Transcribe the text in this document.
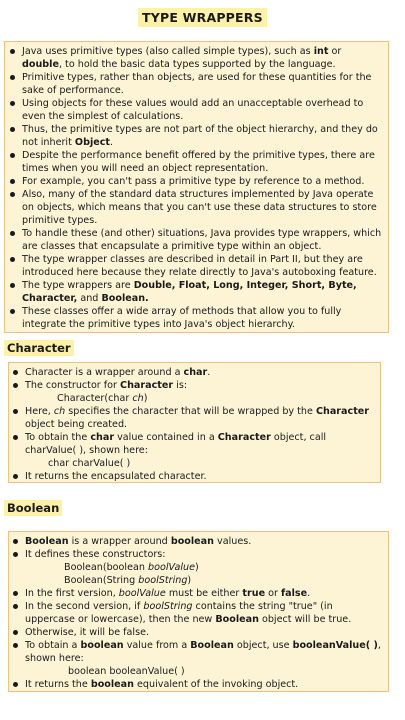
TYPE WRAPPERS
Java uses primitive types (also called simple types), such as int or double, to hold the basic data types supported by the language.
Primitive types, rather than objects, are used for these quantities for the sake of performance.
Using objects for these values would add an unacceptable overhead to even the simplest of calculations.
Thus, the primitive types are not part of the object hierarchy, and they do not inherit Object.
Despite the performance benefit offered by the primitive types, there are times when you will need an object representation.
For example, you can't pass a primitive type by reference to a method.
Also, many of the standard data structures implemented by Java operate on objects, which means that you can't use these data structures to store primitive types.
To handle these (and other) situations, Java provides type wrappers, which are classes that encapsulate a primitive type within an object.
The type wrapper classes are described in detail in Part II, but they are introduced here because they relate directly to Java's autoboxing feature.
The type wrappers are Double, Float, Long, Integer, Short, Byte, Character, and Boolean.
These classes offer a wide array of methods that allow you to fully integrate the primitive types into Java's object hierarchy.
Character
Character is a wrapper around a char.
The constructor for Character is:
Character(char ch)
Here, ch specifies the character that will be wrapped by the Character object being created.
To obtain the char value contained in a Character object, call charValue( ), shown here:
char charValue( )
It returns the encapsulated character.
Boolean
Boolean is a wrapper around boolean values.
It defines these constructors:
Boolean(boolean boolValue)
Boolean(String boolString)
In the first version, boolValue must be either true or false.
In the second version, if boolString contains the string "true" (in uppercase or lowercase), then the new Boolean object will be true.
Otherwise, it will be false.
To obtain a boolean value from a Boolean object, use booleanValue( ), shown here:
boolean booleanValue( )
It returns the boolean equivalent of the invoking object.
